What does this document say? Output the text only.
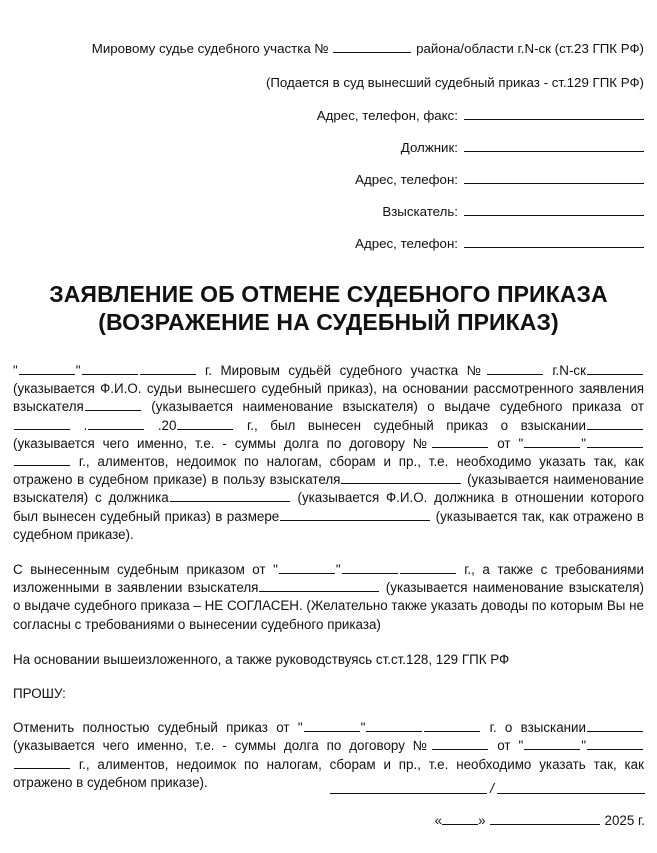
Мировому судье судебного участка №	района/области г.N-ск (ст.23 ГПК РФ)
(Подается в суд вынесший судебный приказ - ст.129 ГПК РФ)
Адрес, телефон, факс:
Должник:
Адрес, телефон:
Взыскатель:
Адрес, телефон:
ЗАЯВЛЕНИЕ ОБ ОТМЕНЕ СУДЕБНОГО ПРИКАЗА (ВОЗРАЖЕНИЕ НА СУДЕБНЫЙ ПРИКАЗ)

"	"	г. Мировым судьёй судебного участка №	г.N-ск (указывается Ф.И.О. судьи вынесшего судебный приказ), на основании рассмотренного заявления взыскателя	(указывается наименование взыскателя) о выдаче судебного приказа от .	.20	г., был вынесен судебный приказ о взыскании (указывается чего именно, т.е. - суммы долга по договору №	от "	" г., алиментов, недоимок по налогам, сборам и пр., т.е. необходимо указать так, как отражено в судебном приказе) в пользу взыскателя	(указывается наименование взыскателя) с должника	(указывается Ф.И.О. должника в отношении которого был вынесен судебный приказ) в размере	(указывается так, как отражено в судебном приказе).

С вынесенным судебным приказом от "	"	г., а также с требованиями изложенными в заявлении взыскателя	(указывается наименование взыскателя) о выдаче судебного приказа – НЕ СОГЛАСЕН. (Желательно также указать доводы по которым Вы не согласны с требованиями о вынесении судебного приказа)

На основании вышеизложенного, а также руководствуясь ст.ст.128, 129 ГПК РФ

ПРОШУ:

Отменить полностью судебный приказ от "	"	г. о взыскании (указывается чего именно, т.е. - суммы долга по договору №	от "	" г., алиментов, недоимок по налогам, сборам и пр., т.е. необходимо указать так, как отражено в судебном приказе).	/
«	»	2025 г.
